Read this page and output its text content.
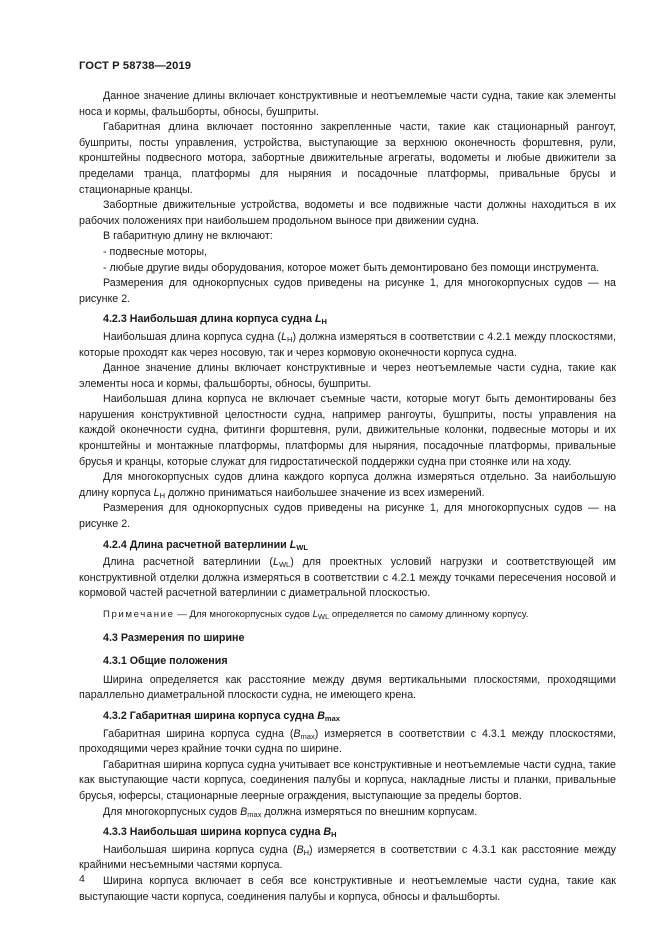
ГОСТ Р 58738—2019

Данное значение длины включает конструктивные и неотъемлемые части судна, такие как элементы носа и кормы, фальшборты, обносы, бушприты.

Габаритная длина включает постоянно закрепленные части, такие как стационарный рангоут, бушприты, посты управления, устройства, выступающие за верхнюю оконечность форштевня, рули, кронштейны подвесного мотора, забортные движительные агрегаты, водометы и любые движители за пределами транца, платформы для ныряния и посадочные платформы, привальные брусы и стационарные кранцы.

Забортные движительные устройства, водометы и все подвижные части должны находиться в их рабочих положениях при наибольшем продольном выносе при движении судна.

В габаритную длину не включают:

- подвесные моторы,

- любые другие виды оборудования, которое может быть демонтировано без помощи инструмента.

Размерения для однокорпусных судов приведены на рисунке 1, для многокорпусных судов — на рисунке 2.

4.2.3 Наибольшая длина корпуса судна $L_H$

Наибольшая длина корпуса судна $(L_H)$ должна измеряться в соответствии с 4.2.1 между плоскостями, которые проходят как через носовую, так и через кормовую оконечности корпуса судна.

Данное значение длины включает конструктивные и через неотъемлемые части судна, такие как элементы носа и кормы, фальшборты, обносы, бушприты.

Наибольшая длина корпуса не включает съемные части, которые могут быть демонтированы без нарушения конструктивной целостности судна, например рангоуты, бушприты, посты управления на каждой оконечности судна, фитинги форштевня, рули, движительные колонки, подвесные моторы и их кронштейны и монтажные платформы, платформы для ныряния, посадочные платформы, привальные брусья и кранцы, которые служат для гидростатической поддержки судна при стоянке или на ходу.

Для многокорпусных судов длина каждого корпуса должна измеряться отдельно. За наибольшую длину корпуса $L_H$ должно приниматься наибольшее значение из всех измерений.

Размерения для однокорпусных судов приведены на рисунке 1, для многокорпусных судов — на рисунке 2.

4.2.4 Длина расчетной ватерлинии $L_{WL}$

Длина расчетной ватерлинии $(L_{WL})$ для проектных условий нагрузки и соответствующей им конструктивной отделки должна измеряться в соответствии с 4.2.1 между точками пересечения носовой и кормовой частей расчетной ватерлинии с диаметральной плоскостью.

Примечание — Для многокорпусных судов $L_{WL}$ определяется по самому длинному корпусу.

4.3 Размерения по ширине
4.3.1 Общие положения

Ширина определяется как расстояние между двумя вертикальными плоскостями, проходящими параллельно диаметральной плоскости судна, не имеющего крена.

4.3.2 Габаритная ширина корпуса судна $B_{max}$

Габаритная ширина корпуса судна $(B_{max})$ измеряется в соответствии с 4.3.1 между плоскостями, проходящими через крайние точки судна по ширине.

Габаритная ширина корпуса судна учитывает все конструктивные и неотъемлемые части судна, такие как выступающие части корпуса, соединения палубы и корпуса, накладные листы и планки, привальные брусья, юферсы, стационарные леерные ограждения, выступающие за пределы бортов.

Для многокорпусных судов $B_{max}$ должна измеряться по внешним корпусам.

4.3.3 Наибольшая ширина корпуса судна $B_H$

Наибольшая ширина корпуса судна $(B_H)$ измеряется в соответствии с 4.3.1 как расстояние между крайними несъемными частями корпуса.

Ширина корпуса включает в себя все конструктивные и неотъемлемые части судна, такие как выступающие части корпуса, соединения палубы и корпуса, обносы и фальшборты.

4
